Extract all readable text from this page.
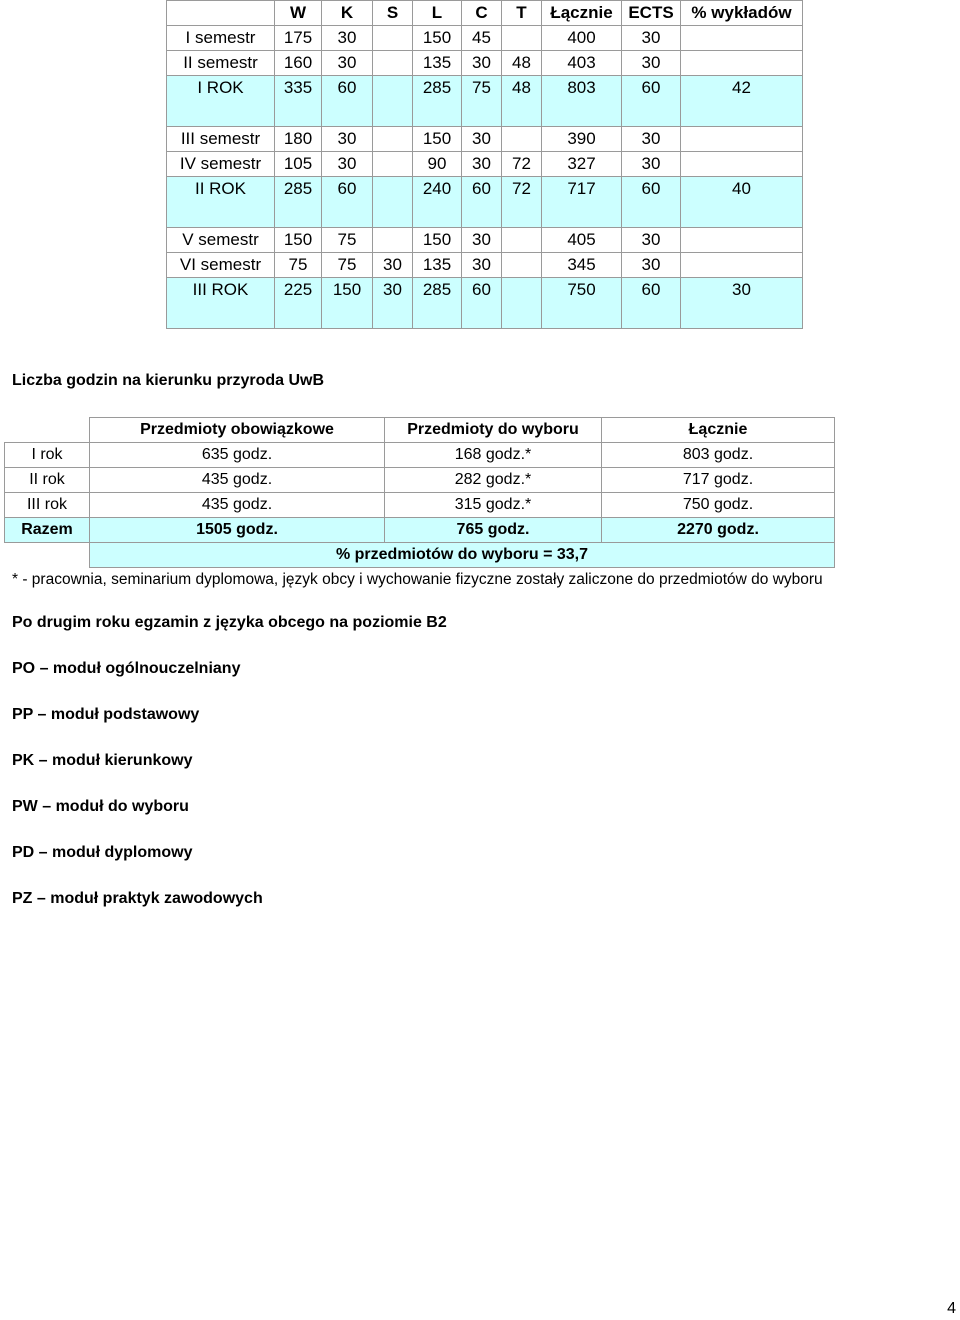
	W	K	S	L	C	T	Łącznie	ECTS	% wykładów
I semestr	175	30		150	45		400	30	
II semestr	160	30		135	30	48	403	30	
I ROK	335	60		285	75	48	803	60	42
III semestr	180	30		150	30		390	30	
IV semestr	105	30		90	30	72	327	30	
II ROK	285	60		240	60	72	717	60	40
V semestr	150	75		150	30		405	30	
VI semestr	75	75	30	135	30		345	30	
III ROK	225	150	30	285	60		750	60	30
Liczba godzin na kierunku przyroda UwB
	Przedmioty obowiązkowe	Przedmioty do wyboru	Łącznie
I rok	635 godz.	168 godz.*	803 godz.
II rok	435 godz.	282 godz.*	717 godz.
III rok	435 godz.	315 godz.*	750 godz.
Razem	1505 godz.	765 godz.	2270 godz.
	% przedmiotów do wyboru = 33,7		
* - pracownia, seminarium dyplomowa, język obcy i wychowanie fizyczne zostały zaliczone do przedmiotów do wyboru
Po drugim roku egzamin z języka obcego na poziomie B2
PO – moduł ogólnouczelniany
PP – moduł podstawowy
PK – moduł kierunkowy
PW – moduł do wyboru
PD – moduł dyplomowy
PZ – moduł praktyk zawodowych
4
